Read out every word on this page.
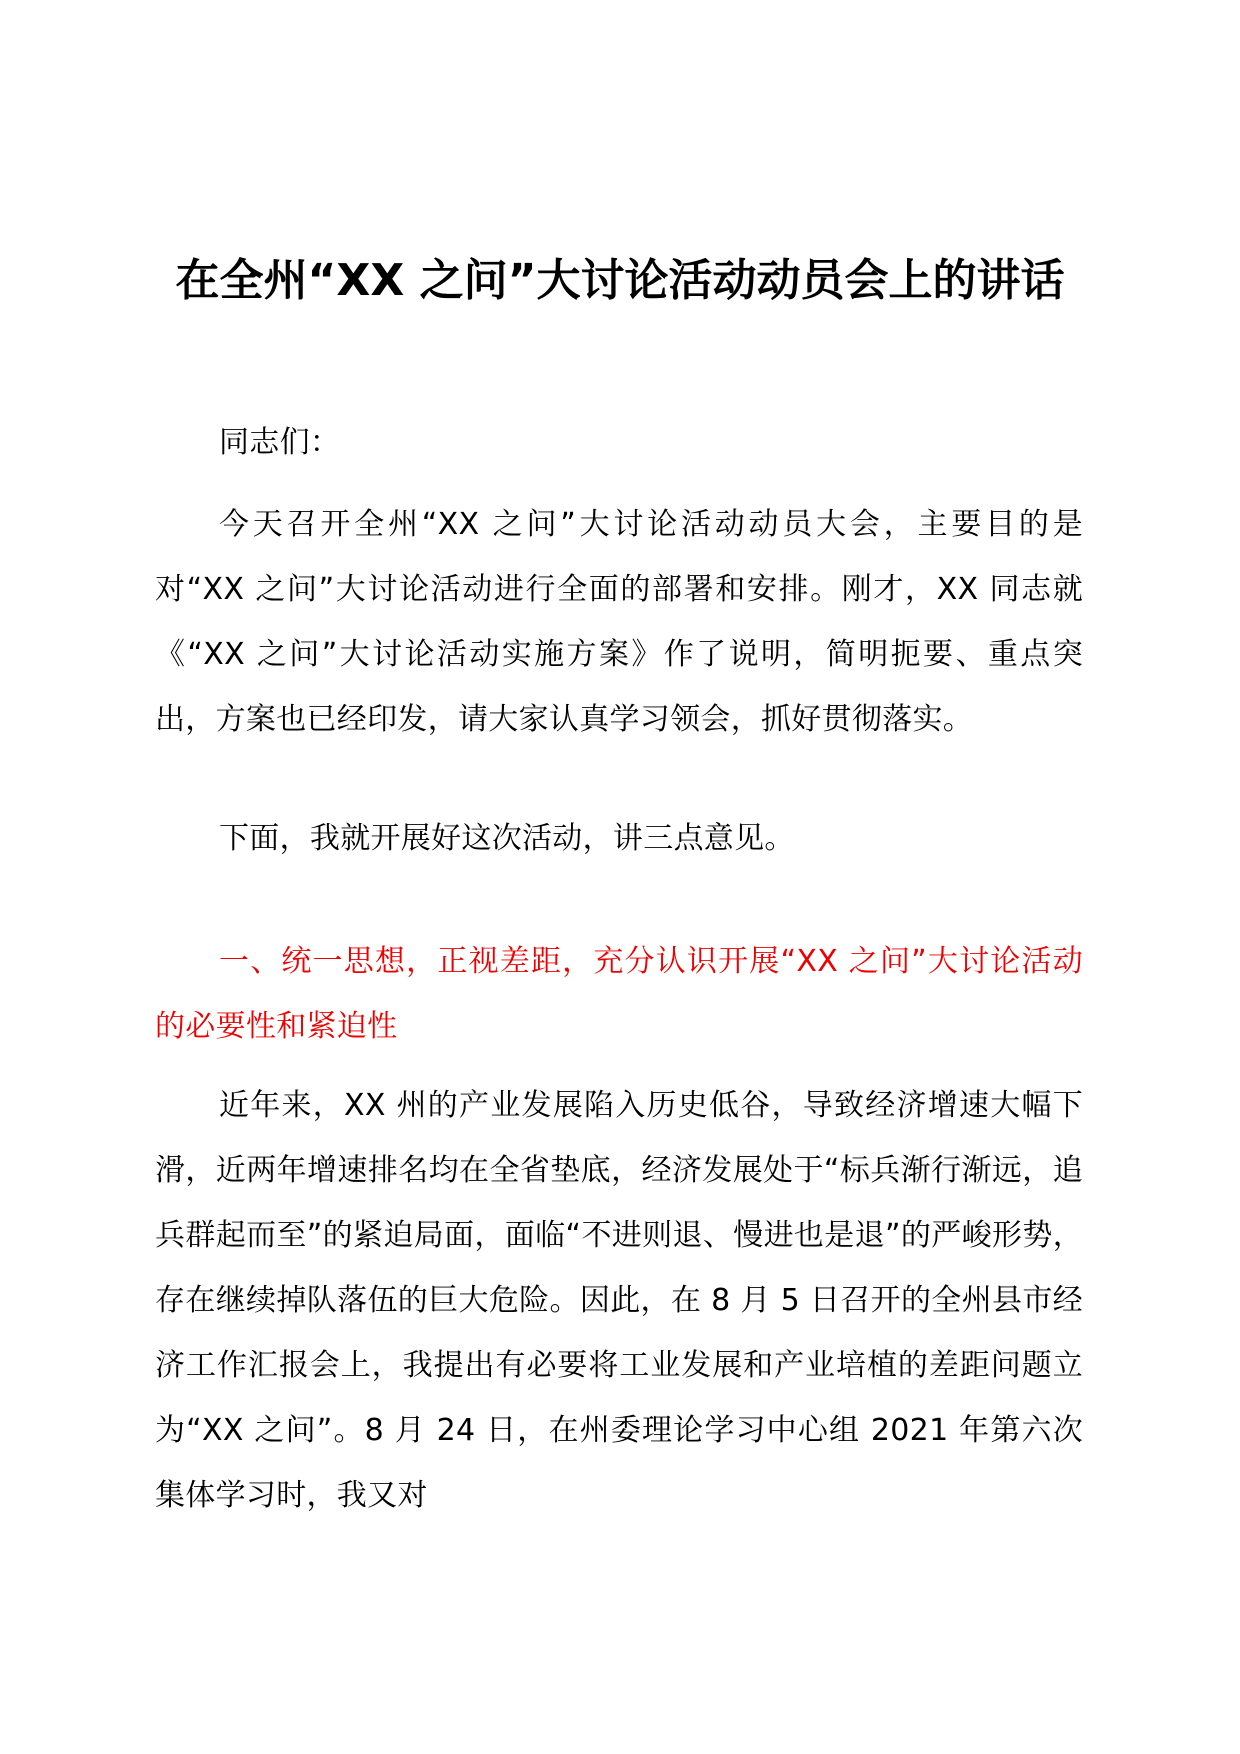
在全州“XX 之问”大讨论活动动员会上的讲话

同志们：

今天召开全州“XX 之问”大讨论活动动员大会，主要目的是对“XX 之问”大讨论活动进行全面的部署和安排。刚才，XX 同志就《“XX 之问”大讨论活动实施方案》作了说明，简明扼要、重点突出，方案也已经印发，请大家认真学习领会，抓好贯彻落实。

下面，我就开展好这次活动，讲三点意见。

一、统一思想，正视差距，充分认识开展“XX 之问”大讨论活动的必要性和紧迫性

近年来，XX 州的产业发展陷入历史低谷，导致经济增速大幅下滑，近两年增速排名均在全省垫底，经济发展处于“标兵渐行渐远，追兵群起而至”的紧迫局面，面临“不进则退、慢进也是退”的严峻形势，存在继续掉队落伍的巨大危险。因此，在 8 月 5 日召开的全州县市经济工作汇报会上，我提出有必要将工业发展和产业培植的差距问题立为“XX 之问”。8 月 24 日，在州委理论学习中心组 2021 年第六次集体学习时，我又对
